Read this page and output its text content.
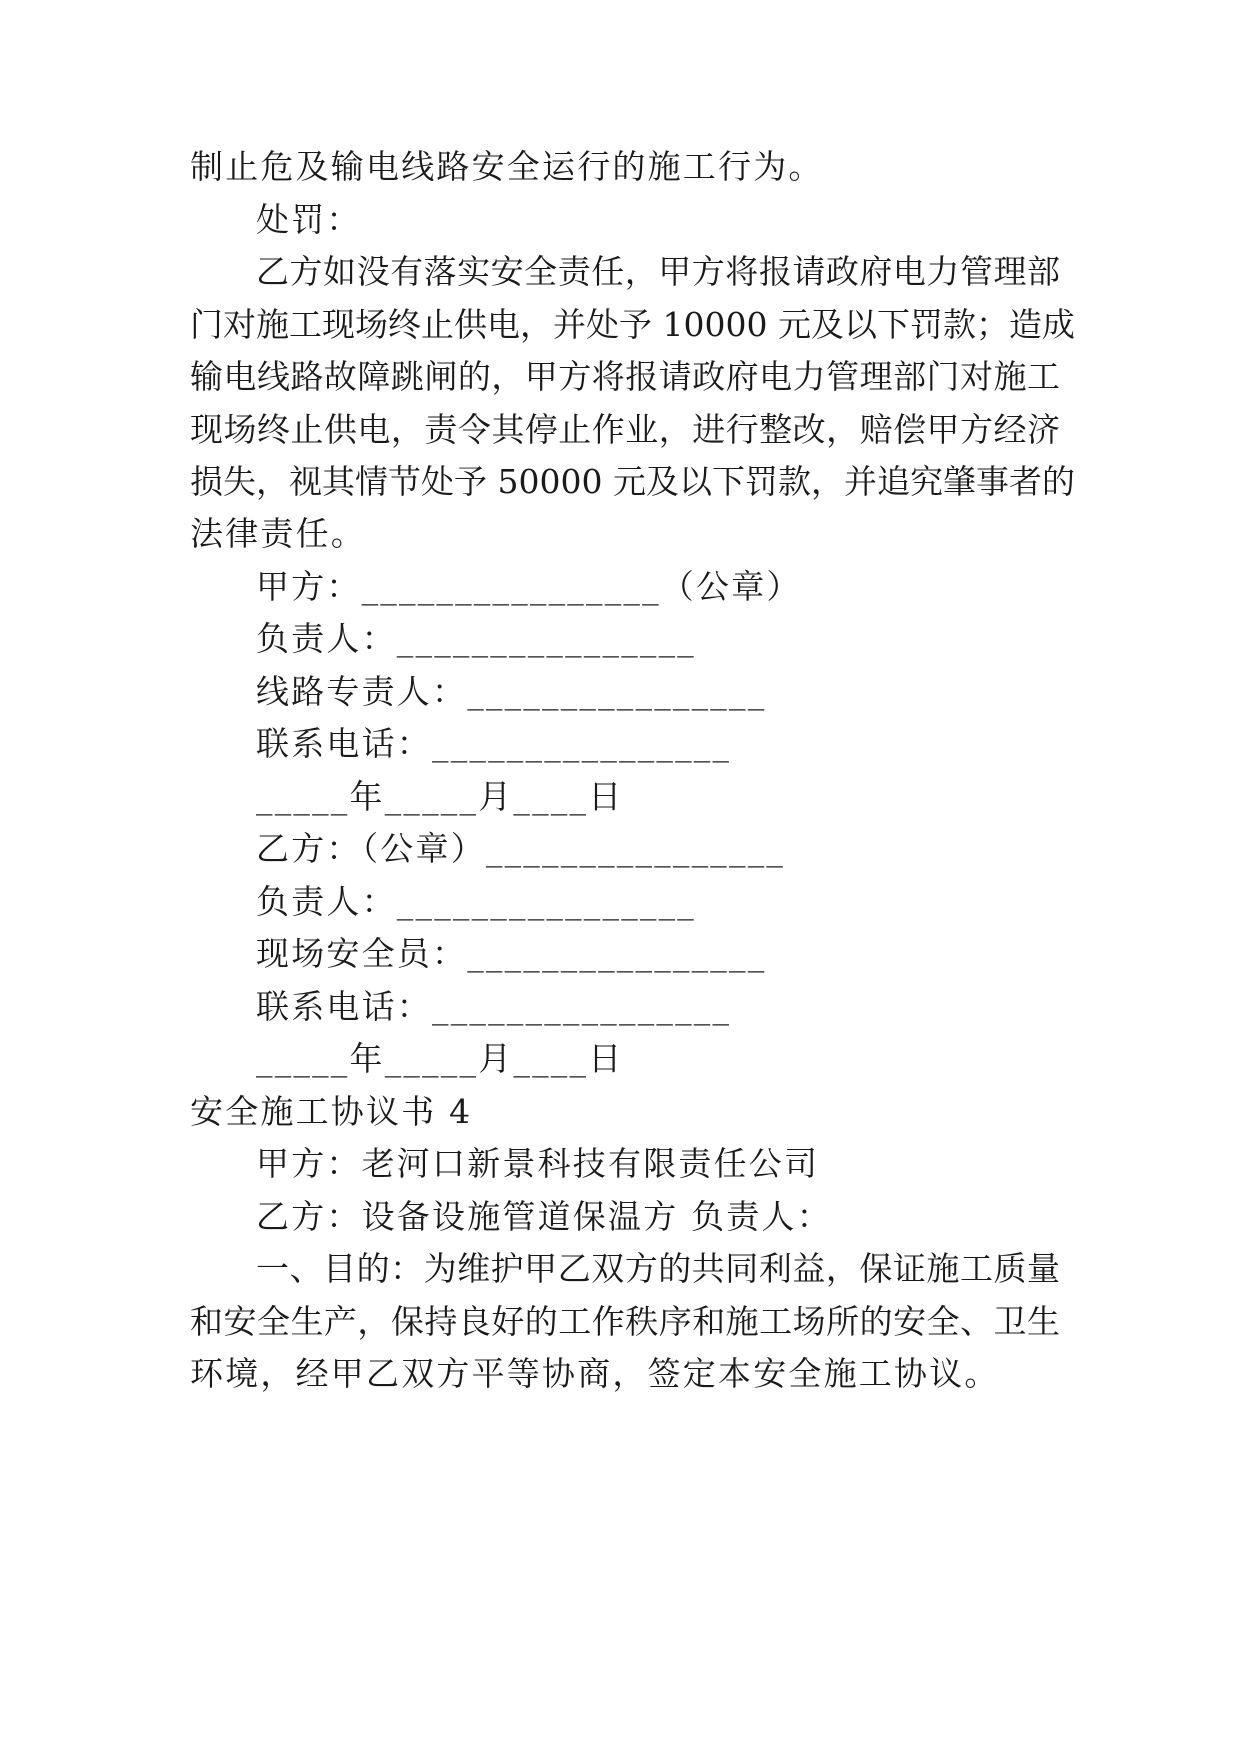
制止危及输电线路安全运行的施工行为。
处罚：
乙方如没有落实安全责任，甲方将报请政府电力管理部
门对施工现场终止供电，并处予 10000 元及以下罚款；造成
输电线路故障跳闸的，甲方将报请政府电力管理部门对施工
现场终止供电，责令其停止作业，进行整改，赔偿甲方经济
损失，视其情节处予 50000 元及以下罚款，并追究肇事者的
法律责任。
甲方：________________（公章）
负责人：________________
线路专责人：________________
联系电话：________________
_____年_____月____日
乙方：（公章）________________
负责人：________________
现场安全员：________________
联系电话：________________
_____年_____月____日
安全施工协议书 4
甲方：老河口新景科技有限责任公司
乙方：设备设施管道保温方 负责人：
一、目的：为维护甲乙双方的共同利益，保证施工质量
和安全生产，保持良好的工作秩序和施工场所的安全、卫生
环境，经甲乙双方平等协商，签定本安全施工协议。
